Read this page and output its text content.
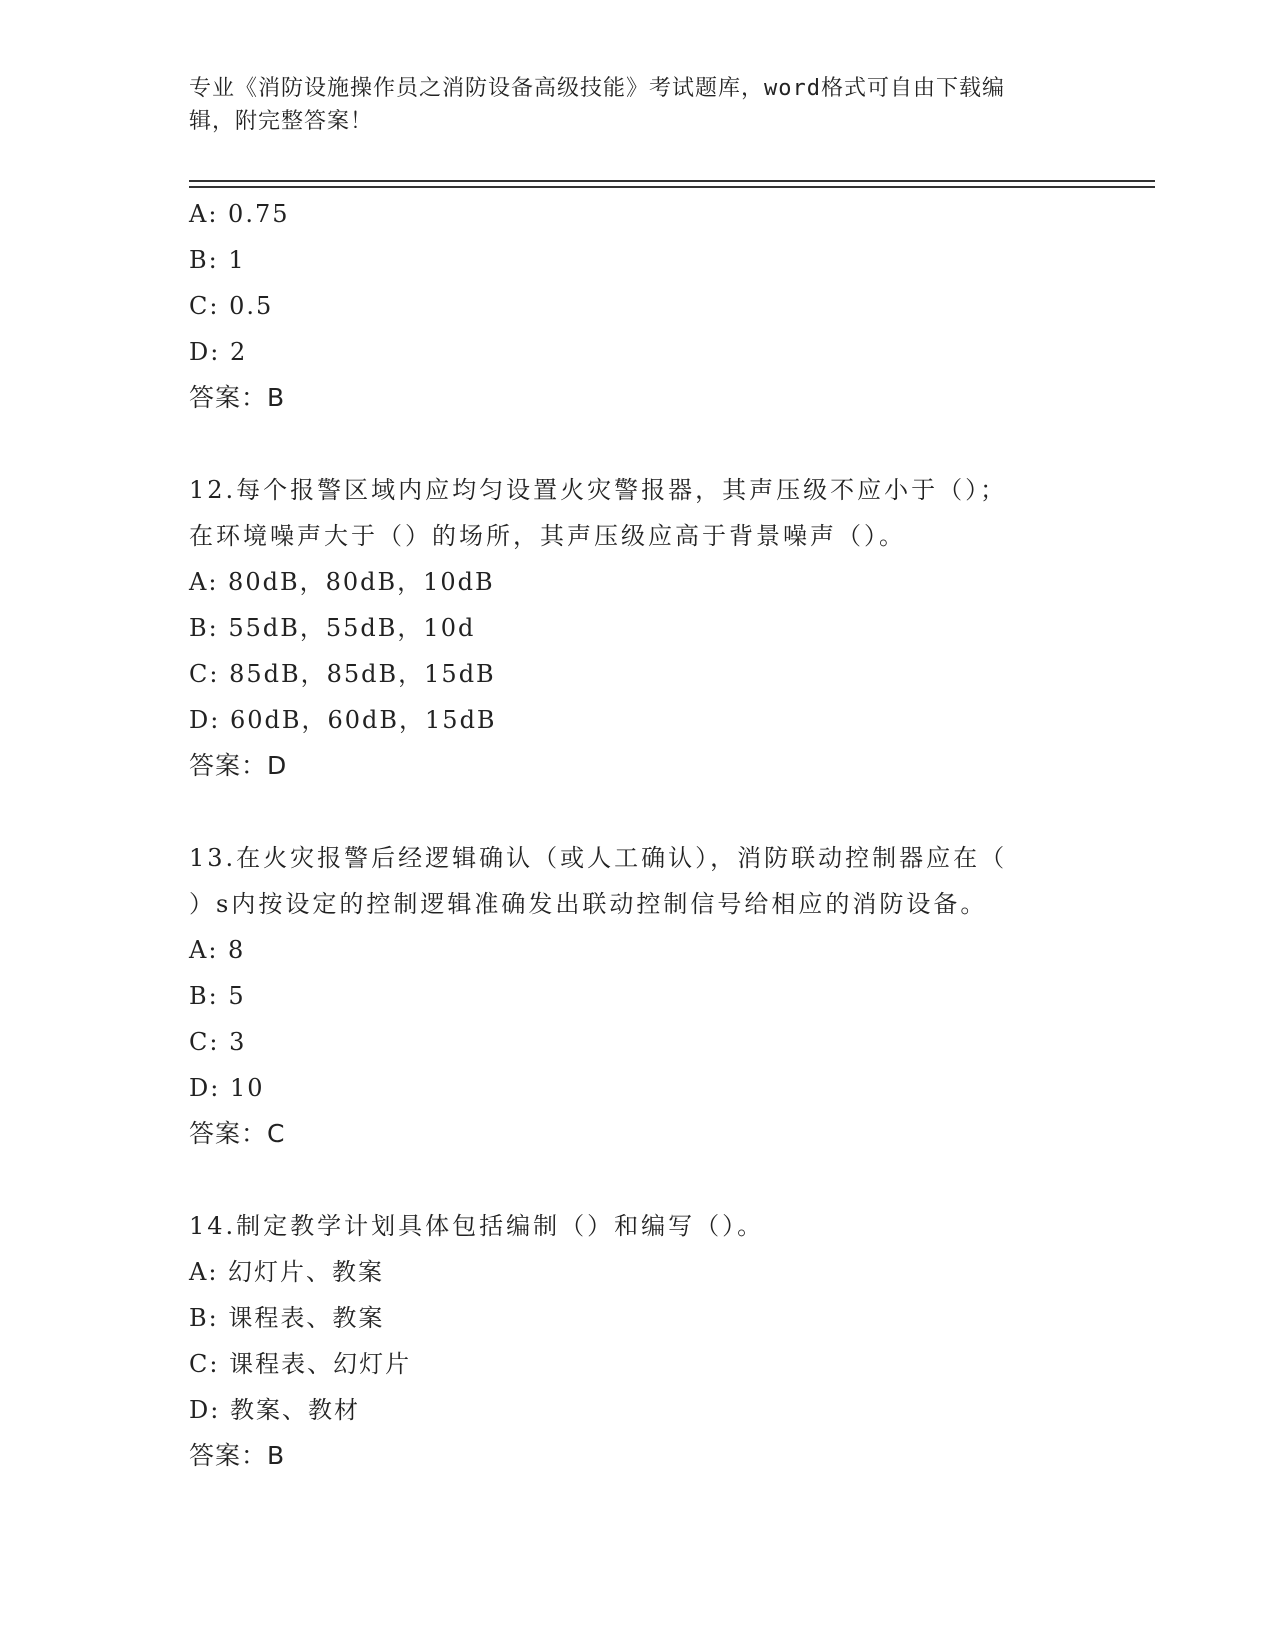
专业《消防设施操作员之消防设备高级技能》考试题库，word格式可自由下载编
辑，附完整答案！
A: 0.75
B: 1
C: 0.5
D: 2
答案：B
12.每个报警区域内应均匀设置火灾警报器，其声压级不应小于（）；
在环境噪声大于（）的场所，其声压级应高于背景噪声（）。
A: 80dB，80dB，10dB
B: 55dB，55dB，10d
C: 85dB，85dB，15dB
D: 60dB，60dB，15dB
答案：D
13.在火灾报警后经逻辑确认（或人工确认），消防联动控制器应在（
）s内按设定的控制逻辑准确发出联动控制信号给相应的消防设备。
A: 8
B: 5
C: 3
D: 10
答案：C
14.制定教学计划具体包括编制（）和编写（）。
A: 幻灯片、教案
B: 课程表、教案
C: 课程表、幻灯片
D: 教案、教材
答案：B
